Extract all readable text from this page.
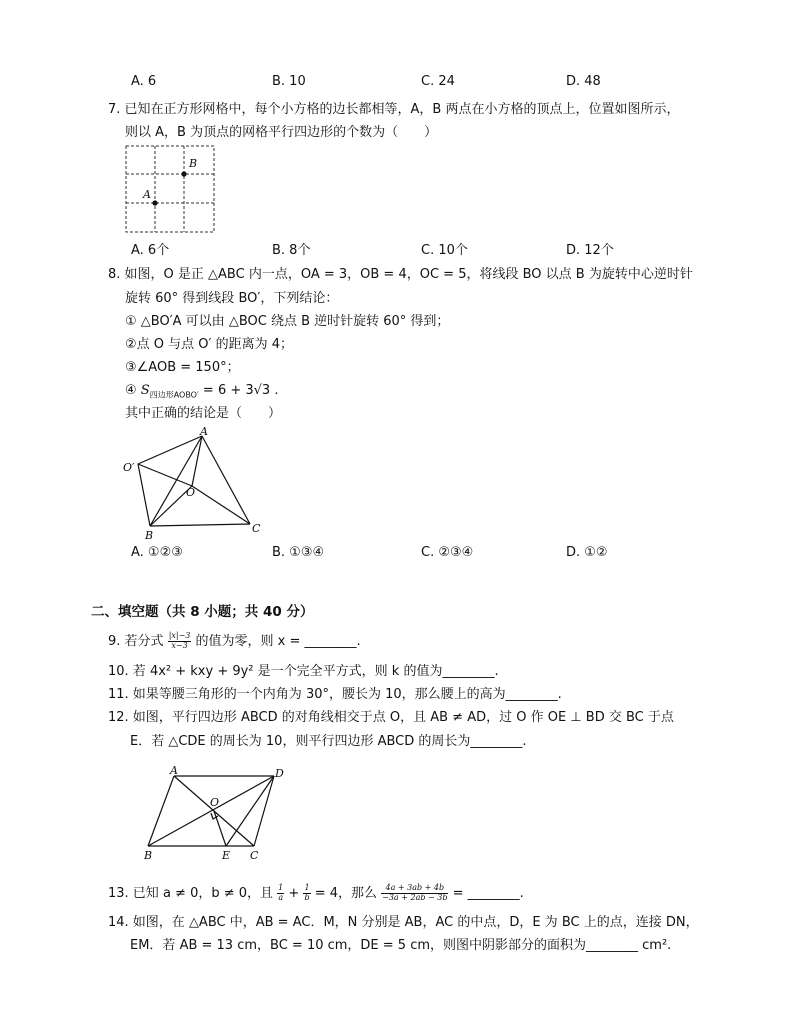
A. 6	B. 10	C. 24	D. 48
7. 已知在正方形网格中，每个小方格的边长都相等，A，B 两点在小方格的顶点上，位置如图所示，
则以 A，B 为顶点的网格平行四边形的个数为（　　）
B
A
A. 6个	B. 8个	C. 10个	D. 12个
8. 如图，O 是正 △ABC 内一点，OA = 3，OB = 4，OC = 5，将线段 BO 以点 B 为旋转中心逆时针
旋转 60° 得到线段 BO′，下列结论：
① △BO′A 可以由 △BOC 绕点 B 逆时针旋转 60° 得到；
②点 O 与点 O′ 的距离为 4；
③∠AOB = 150°；
④ $S_{四边形AOBO'} = 6 + 3√3$ .
其中正确的结论是（　　）
A
O′
O
B
C
A. ①②③	B. ①③④	C. ②③④	D. ①②
二、填空题（共 8 小题；共 40 分）
9. 若分式 $\frac{|x|-3}{x-3}$ 的值为零，则 x = ________.
10. 若 4x² + kxy + 9y² 是一个完全平方式，则 k 的值为________.
11. 如果等腰三角形的一个内角为 30°，腰长为 10，那么腰上的高为________.
12. 如图，平行四边形 ABCD 的对角线相交于点 O，且 AB ≠ AD，过 O 作 OE ⊥ BD 交 BC 于点
E．若 △CDE 的周长为 10，则平行四边形 ABCD 的周长为________.
A	D
O
B	E C
13. 已知 a ≠ 0，b ≠ 0，且 $\frac{1}{a} + \frac{1}{b} = 4$，那么 $\frac{4a + 3ab + 4b}{-3a + 2ab - 3b}$ = ________.
14. 如图，在 △ABC 中，AB = AC．M，N 分别是 AB，AC 的中点，D，E 为 BC 上的点，连接 DN，
EM．若 AB = 13 cm，BC = 10 cm，DE = 5 cm，则图中阴影部分的面积为________ cm².
